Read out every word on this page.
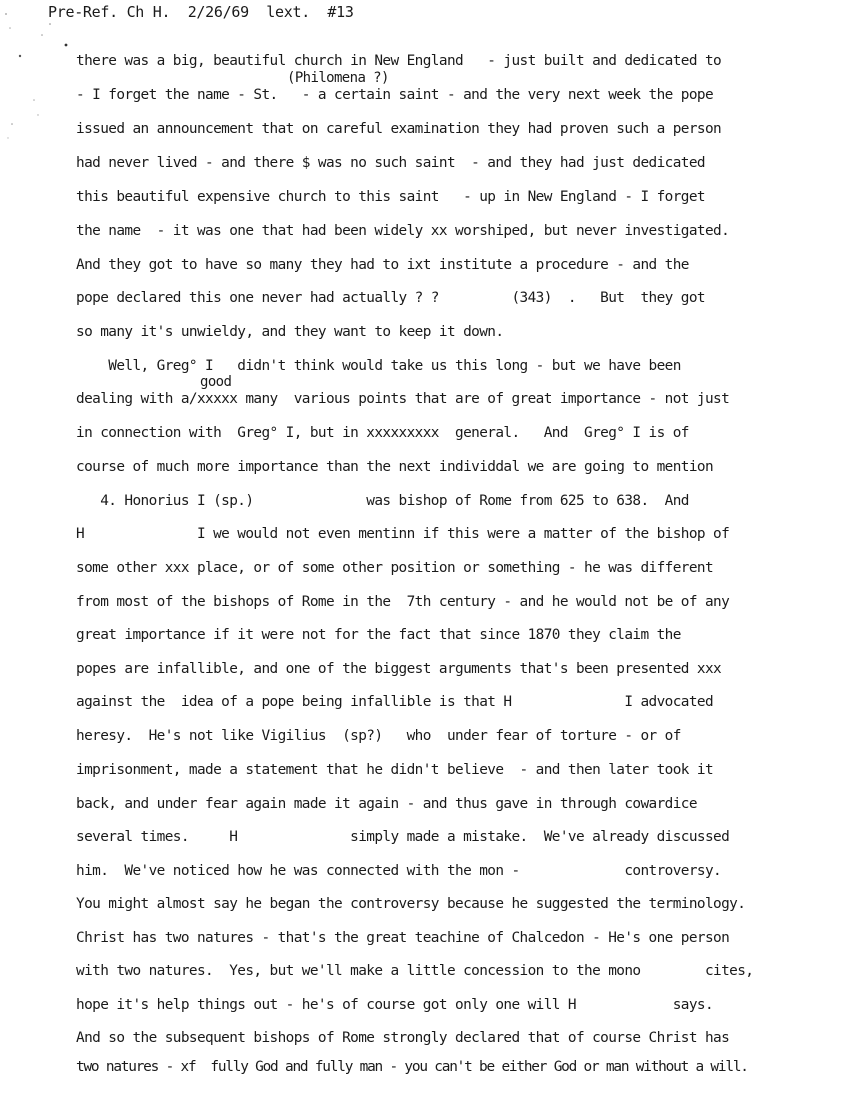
Pre-Ref. Ch H.  2/26/69  lext.  #13
(Philomena ?)
good
there was a big, beautiful church in New England   - just built and dedicated to
- I forget the name - St.   - a certain saint - and the very next week the pope
issued an announcement that on careful examination they had proven such a person
had never lived - and there $ was no such saint  - and they had just dedicated
this beautiful expensive church to this saint   - up in New England - I forget
the name  - it was one that had been widely xx worshiped, but never investigated.
And they got to have so many they had to ixt institute a procedure - and the
pope declared this one never had actually ? ?         (343)  .   But  they got
so many it's unwieldy, and they want to keep it down.
Well, Greg° I   didn't think would take us this long - but we have been
dealing with a/xxxxx many  various points that are of great importance - not just
in connection with  Greg° I, but in xxxxxxxxx  general.   And  Greg° I is of
course of much more importance than the next individdal we are going to mention
4. Honorius I (sp.)              was bishop of Rome from 625 to 638.  And
H              I we would not even mentinn if this were a matter of the bishop of
some other xxx place, or of some other position or something - he was different
from most of the bishops of Rome in the  7th century - and he would not be of any
great importance if it were not for the fact that since 1870 they claim the
popes are infallible, and one of the biggest arguments that's been presented xxx
against the  idea of a pope being infallible is that H              I advocated
heresy.  He's not like Vigilius  (sp?)   who  under fear of torture - or of
imprisonment, made a statement that he didn't believe  - and then later took it
back, and under fear again made it again - and thus gave in through cowardice
several times.     H              simply made a mistake.  We've already discussed
him.  We've noticed how he was connected with the mon -             controversy.
You might almost say he began the controversy because he suggested the terminology.
Christ has two natures - that's the great teachine of Chalcedon - He's one person
with two natures.  Yes, but we'll make a little concession to the mono        cites,
hope it's help things out - he's of course got only one will H            says.
And so the subsequent bishops of Rome strongly declared that of course Christ has
two natures - xf  fully God and fully man - you can't be either God or man without a will.
